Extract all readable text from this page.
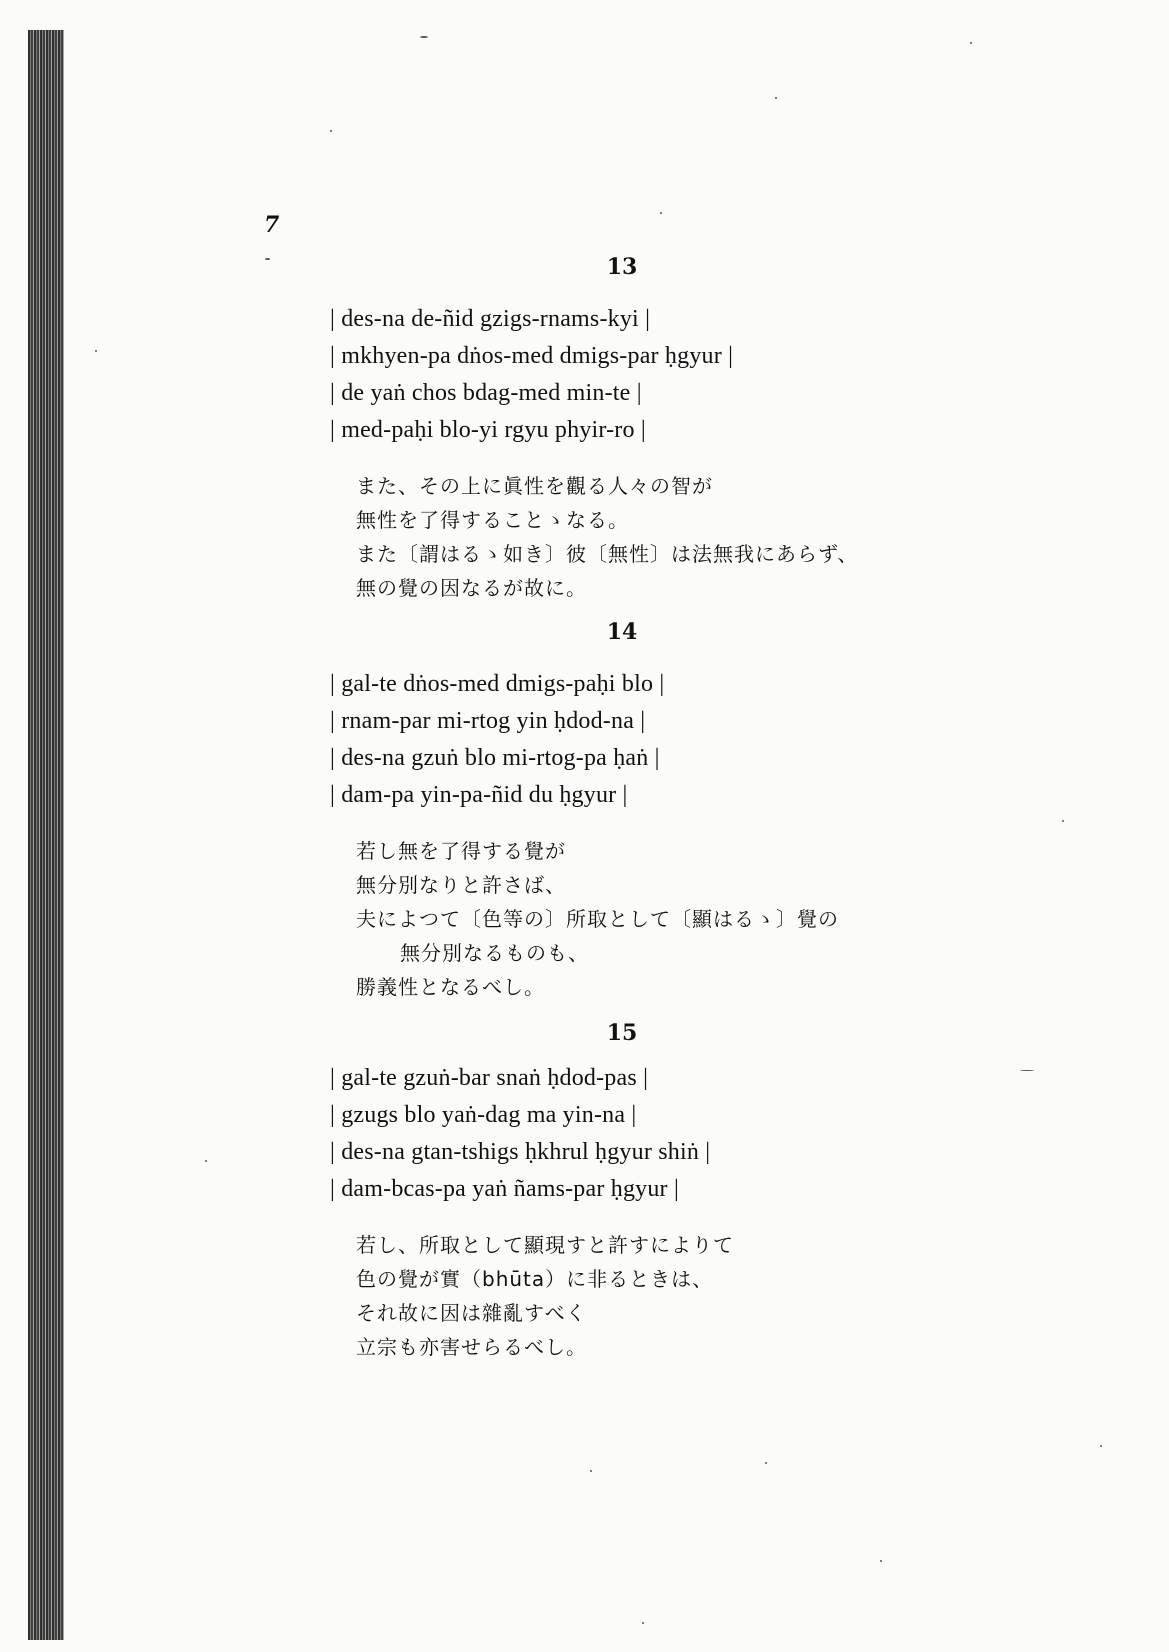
7
13
| des-na de-ñid gzigs-rnams-kyi |
| mkhyen-pa dṅos-med dmigs-par ḥgyur |
| de yaṅ chos bdag-med min-te |
| med-paḥi blo-yi rgyu phyir-ro |
また、その上に眞性を觀る人々の智が
無性を了得することゝなる。
また〔謂はるゝ如き〕彼〔無性〕は法無我にあらず、
無の覺の因なるが故に。
14
| gal-te dṅos-med dmigs-paḥi blo |
| rnam-par mi-rtog yin ḥdod-na |
| des-na gzuṅ blo mi-rtog-pa ḥaṅ |
| dam-pa yin-pa-ñid du ḥgyur |
若し無を了得する覺が
無分別なりと許さば、
夫によつて〔色等の〕所取として〔顯はるゝ〕覺の
無分別なるものも、
勝義性となるべし。
15
| gal-te gzuṅ-bar snaṅ ḥdod-pas |
| gzugs blo yaṅ-dag ma yin-na |
| des-na gtan-tshigs ḥkhrul ḥgyur shiṅ |
| dam-bcas-pa yaṅ ñams-par ḥgyur |
若し、所取として顯現すと許すによりて
色の覺が實（bhūta）に非るときは、
それ故に因は雜亂すべく
立宗も亦害せらるべし。
